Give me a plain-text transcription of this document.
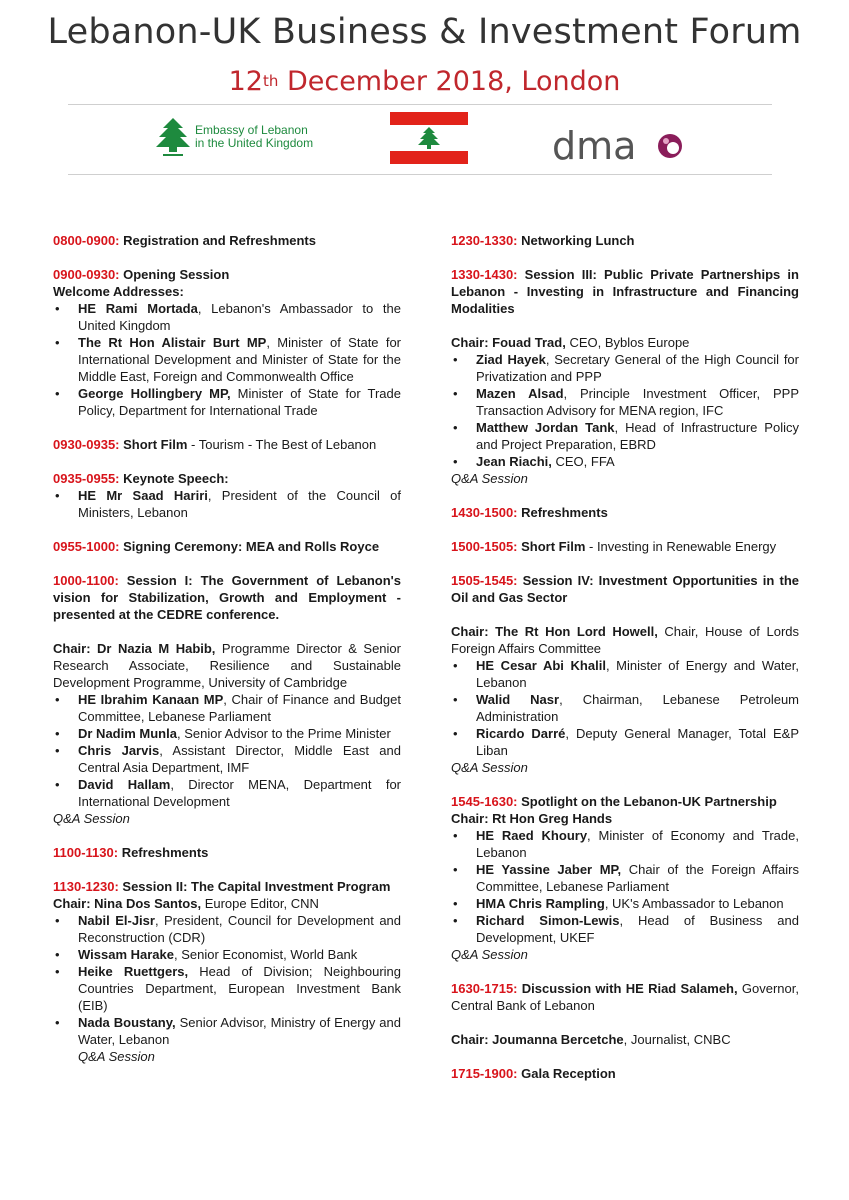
Lebanon-UK Business & Investment Forum
12th December 2018, London
Embassy of Lebanon
in the United Kingdom	dma

0800-0900: Registration and Refreshments

0900-0930: Opening Session

Welcome Addresses:

• HE Rami Mortada, Lebanon's Ambassador to the United Kingdom
• The Rt Hon Alistair Burt MP, Minister of State for International Development and Minister of State for the Middle East, Foreign and Commonwealth Office
• George Hollingbery MP, Minister of State for Trade Policy, Department for International Trade

0930-0935: Short Film - Tourism - The Best of Lebanon

0935-0955: Keynote Speech:

• HE Mr Saad Hariri, President of the Council of Ministers, Lebanon

0955-1000: Signing Ceremony: MEA and Rolls Royce

1000-1100: Session I: The Government of Lebanon's vision for Stabilization, Growth and Employment - presented at the CEDRE conference.

Chair: Dr Nazia M Habib, Programme Director & Senior Research Associate, Resilience and Sustainable Development Programme, University of Cambridge

• HE Ibrahim Kanaan MP, Chair of Finance and Budget Committee, Lebanese Parliament
• Dr Nadim Munla, Senior Advisor to the Prime Minister
• Chris Jarvis, Assistant Director, Middle East and Central Asia Department, IMF
• David Hallam, Director MENA, Department for International Development

Q&A Session

1100-1130: Refreshments

1130-1230: Session II: The Capital Investment Program

Chair: Nina Dos Santos, Europe Editor, CNN

• Nabil El-Jisr, President, Council for Development and Reconstruction (CDR)
• Wissam Harake, Senior Economist, World Bank
• Heike Ruettgers, Head of Division; Neighbouring Countries Department, European Investment Bank (EIB)
• Nada Boustany, Senior Advisor, Ministry of Energy and Water, Lebanon

Q&A Session

1230-1330: Networking Lunch

1330-1430: Session III: Public Private Partnerships in Lebanon - Investing in Infrastructure and Financing Modalities

Chair: Fouad Trad, CEO, Byblos Europe

• Ziad Hayek, Secretary General of the High Council for Privatization and PPP
• Mazen Alsad, Principle Investment Officer, PPP Transaction Advisory for MENA region, IFC
• Matthew Jordan Tank, Head of Infrastructure Policy and Project Preparation, EBRD
• Jean Riachi, CEO, FFA

Q&A Session

1430-1500: Refreshments

1500-1505: Short Film - Investing in Renewable Energy

1505-1545: Session IV: Investment Opportunities in the Oil and Gas Sector

Chair: The Rt Hon Lord Howell, Chair, House of Lords Foreign Affairs Committee

• HE Cesar Abi Khalil, Minister of Energy and Water, Lebanon
• Walid Nasr, Chairman, Lebanese Petroleum Administration
• Ricardo Darré, Deputy General Manager, Total E&P Liban

Q&A Session

1545-1630: Spotlight on the Lebanon-UK Partnership

Chair: Rt Hon Greg Hands

• HE Raed Khoury, Minister of Economy and Trade, Lebanon
• HE Yassine Jaber MP, Chair of the Foreign Affairs Committee, Lebanese Parliament
• HMA Chris Rampling, UK's Ambassador to Lebanon
• Richard Simon-Lewis, Head of Business and Development, UKEF

Q&A Session

1630-1715: Discussion with HE Riad Salameh, Governor, Central Bank of Lebanon

Chair: Joumanna Bercetche, Journalist, CNBC

1715-1900: Gala Reception
